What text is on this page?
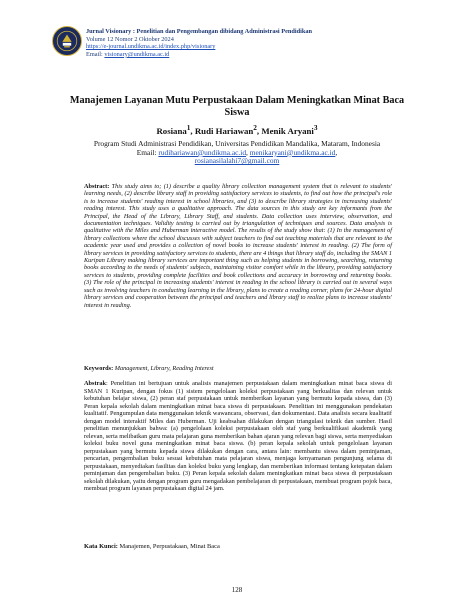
Jurnal Visionary : Penelitian dan Pengembangan dibidang Administrasi Pendidikan
Volume 12 Nomor 2 Oktober 2024
https://e-journal.undikma.ac.id/index.php/visionary
Email: visionary@undikma.ac.id
Manajemen Layanan Mutu Perpustakaan Dalam Meningkatkan Minat Baca Siswa
Rosiana$^1$, Rudi Hariawan$^2$, Menik Aryani$^3$
Program Studi Administrasi Pendidikan, Universitas Pendidikan Mandalika, Mataram, Indonesia
Email: rudihariawan@undikma.ac.id, menikaryani@undikma.ac.id,
rosianasilalahi7@gmail.com
Abstract: This study aims to; (1) describe a quality library collection management system that is relevant to students' learning needs, (2) describe library staff in providing satisfactory services to students, to find out how the principal's role is to increase students' reading interest in school libraries, and (3) to describe library strategies in increasing students' reading interest. This study uses a qualitative approach. The data sources in this study are key informants from the Principal, the Head of the Library, Library Staff, and students. Data collection uses interview, observation, and documentation techniques. Validity testing is carried out by triangulation of techniques and sources. Data analysis is qualitative with the Miles and Huberman interactive model. The results of the study show that: (1) In the management of library collections where the school discusses with subject teachers to find out teaching materials that are relevant to the academic year used and provides a collection of novel books to increase students' interest in reading. (2) The form of library services in providing satisfactory services to students, there are 4 things that library staff do, including the SMAN 1 Kuripan Library making library services are important thing such as helping students in borrowing, searching, returning books according to the needs of students' subjects, maintaining visitor comfort while in the library, providing satisfactory services to students, providing complete facilities and book collections and accuracy in borrowing and returning books. (3) The role of the principal in increasing students' interest in reading in the school library is carried out in several ways such as involving teachers in conducting learning in the library, plans to create a reading corner, plans for 24-hour digital library services and cooperation between the principal and teachers and library staff to realize plans to increase students' interest in reading.
Keywords: Management, Library, Reading Interest
Abstrak: Penelitian ini bertujuan untuk analisis manajemen perpustakaan dalam meningkatkan minat baca siswa di SMAN 1 Kuripan, dengan fokus (1) sistem pengelolaan koleksi perpustakaan yang berkualitas dan relevan untuk kebutuhan belajar siswa, (2) peran staf perpustakaan untuk memberikan layanan yang bermutu kepada siswa, dan (3) Peran kepala sekolah dalam meningkatkan minat baca siswa di perpustakaan. Penelitian ini menggunakan pendekatan kualitatif. Pengumpulan data menggunakan teknik wawancara, observasi, dan dokumentasi. Data analisis secara kualitatif dengan model interaktif Miles dan Huberman. Uji keabsahan dilakukan dengan triangulasi teknik dan sumber. Hasil penelitian menunjukkan bahwa: (a) pengelolaan koleksi perpustakaan oleh staf yang berkualifikasi akademik yang relevan, serta melibatkan guru mata pelajaran guna memberikan bahan ajaran yang relevan bagi siswa, serta menyediakan koleksi buku novel guna meningkatkan minat baca siswa. (b) peran kepala sekolah untuk pengelolaan layanan perpustakaan yang bermutu kepada siswa dilakukan dengan cara, antara lain: membantu siswa dalam peminjaman, pencarian, pengembalian buku sesuai kebutuhan mata pelajaran siswa, menjaga kenyamanan pengunjung selama di perpustakaan, menyediakan fasilitas dan koleksi buku yang lengkap, dan memberikan informasi tentang ketepatan dalam peminjaman dan pengembalian buku. (3) Peran kepala sekolah dalam meningkatkan minat baca siswa di perpustakaan sekolah dilakukan, yaitu dengan program guru mengadakan pembelajaran di perpustakaan, membuat program pojok baca, membuat program layanan perpustakaan digital 24 jam.
Kata Kunci: Manajemen, Perpustakaan, Minat Baca
128
